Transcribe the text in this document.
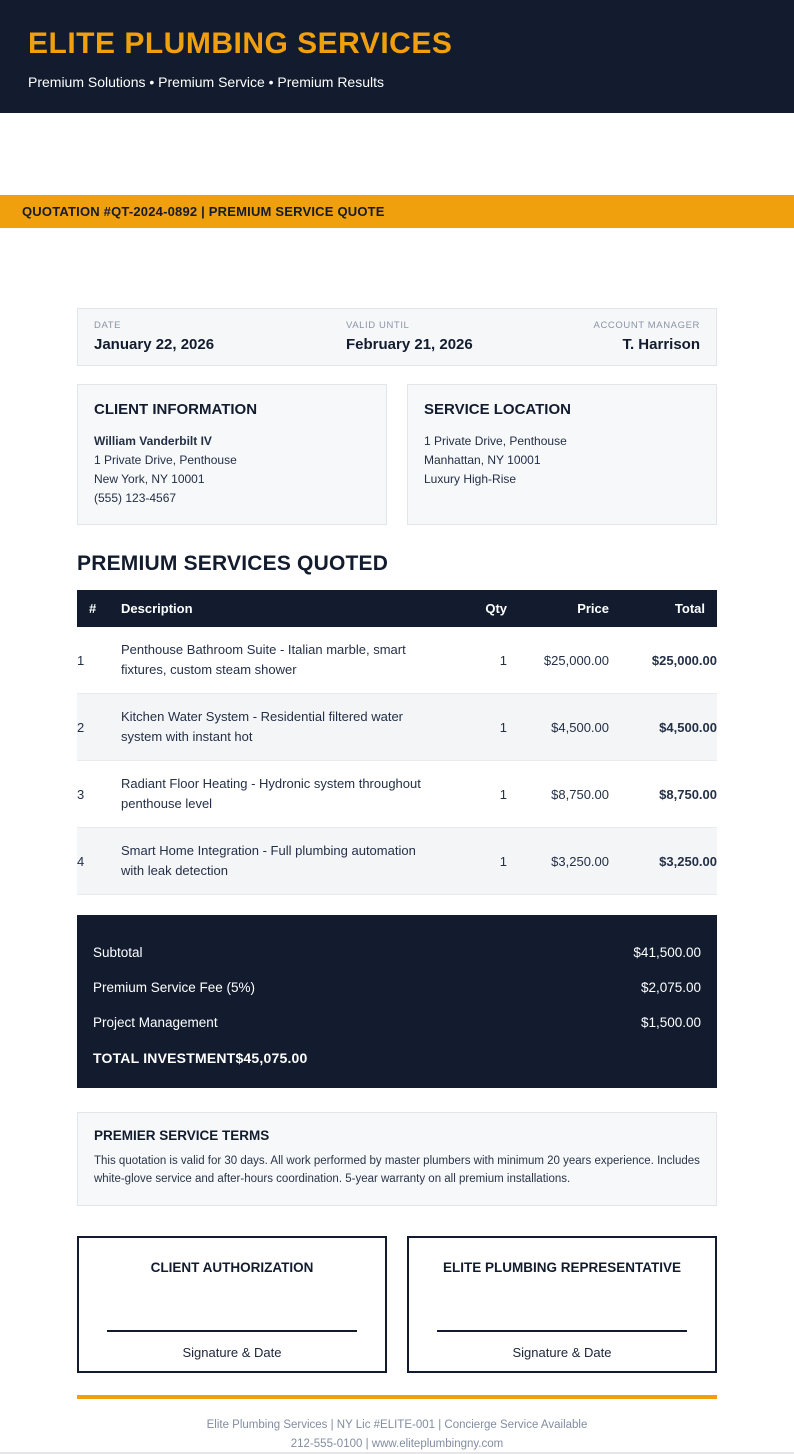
ELITE PLUMBING SERVICES
Premium Solutions • Premium Service • Premium Results
QUOTATION #QT-2024-0892 | PREMIUM SERVICE QUOTE
DATE
January 22, 2026
VALID UNTIL
February 21, 2026
ACCOUNT MANAGER
T. Harrison
CLIENT INFORMATION
William Vanderbilt IV
1 Private Drive, Penthouse
New York, NY 10001
(555) 123-4567
SERVICE LOCATION
1 Private Drive, Penthouse
Manhattan, NY 10001
Luxury High-Rise
PREMIUM SERVICES QUOTED
#	Description	Qty	Price	Total
1	Penthouse Bathroom Suite - Italian marble, smart fixtures, custom steam shower	1	$25,000.00	$25,000.00
2	Kitchen Water System - Residential filtered water system with instant hot	1	$4,500.00	$4,500.00
3	Radiant Floor Heating - Hydronic system throughout penthouse level	1	$8,750.00	$8,750.00
4	Smart Home Integration - Full plumbing automation with leak detection	1	$3,250.00	$3,250.00
Subtotal	$41,500.00
Premium Service Fee (5%)	$2,075.00
Project Management	$1,500.00
TOTAL INVESTMENT$45,075.00
PREMIER SERVICE TERMS
This quotation is valid for 30 days. All work performed by master plumbers with minimum 20 years experience. Includes white-glove service and after-hours coordination. 5-year warranty on all premium installations.
CLIENT AUTHORIZATION
Signature & Date
ELITE PLUMBING REPRESENTATIVE
Signature & Date
Elite Plumbing Services | NY Lic #ELITE-001 | Concierge Service Available
212-555-0100 | www.eliteplumbingny.com
